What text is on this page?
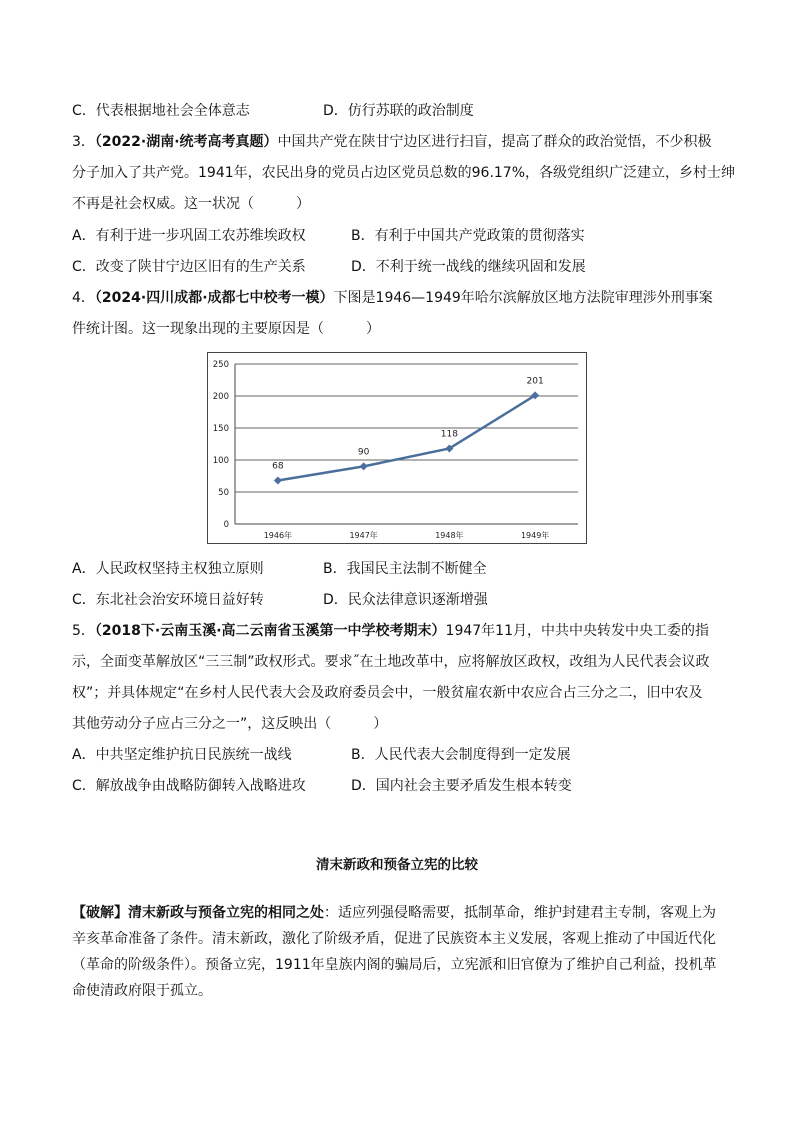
C．代表根据地社会全体意志	D．仿行苏联的政治制度
3．（2022·湖南·统考高考真题）中国共产党在陕甘宁边区进行扫盲，提高了群众的政治觉悟，不少积极
分子加入了共产党。1941年，农民出身的党员占边区党员总数的96.17%，各级党组织广泛建立，乡村士绅
不再是社会权威。这一状况（　　　）
A．有利于进一步巩固工农苏维埃政权	B．有利于中国共产党政策的贯彻落实
C．改变了陕甘宁边区旧有的生产关系	D．不利于统一战线的继续巩固和发展
4．（2024·四川成都·成都七中校考一模）下图是1946—1949年哈尔滨解放区地方法院审理涉外刑事案
件统计图。这一现象出现的主要原因是（　　　）
0
50
100
150
200
250
1946年	1947年	1948年	1949年
68
90
118
201
A．人民政权坚持主权独立原则	B．我国民主法制不断健全
C．东北社会治安环境日益好转	D．民众法律意识逐渐增强
5．（2018下·云南玉溪·高二云南省玉溪第一中学校考期末）1947年11月，中共中央转发中央工委的指
示，全面变革解放区“三三制”政权形式。要求˝在土地改革中，应将解放区政权，改组为人民代表会议政
权”；并具体规定“在乡村人民代表大会及政府委员会中，一般贫雇农新中农应合占三分之二，旧中农及
其他劳动分子应占三分之一”，这反映出（　　　）
A．中共坚定维护抗日民族统一战线	B．人民代表大会制度得到一定发展
C．解放战争由战略防御转入战略进攻	D．国内社会主要矛盾发生根本转变
清末新政和预备立宪的比较
【破解】清末新政与预备立宪的相同之处：适应列强侵略需要，抵制革命，维护封建君主专制，客观上为辛亥革命准备了条件。清末新政，激化了阶级矛盾，促进了民族资本主义发展，客观上推动了中国近代化（革命的阶级条件）。预备立宪，1911年皇族内阁的骗局后，立宪派和旧官僚为了维护自己利益，投机革命使清政府限于孤立。
